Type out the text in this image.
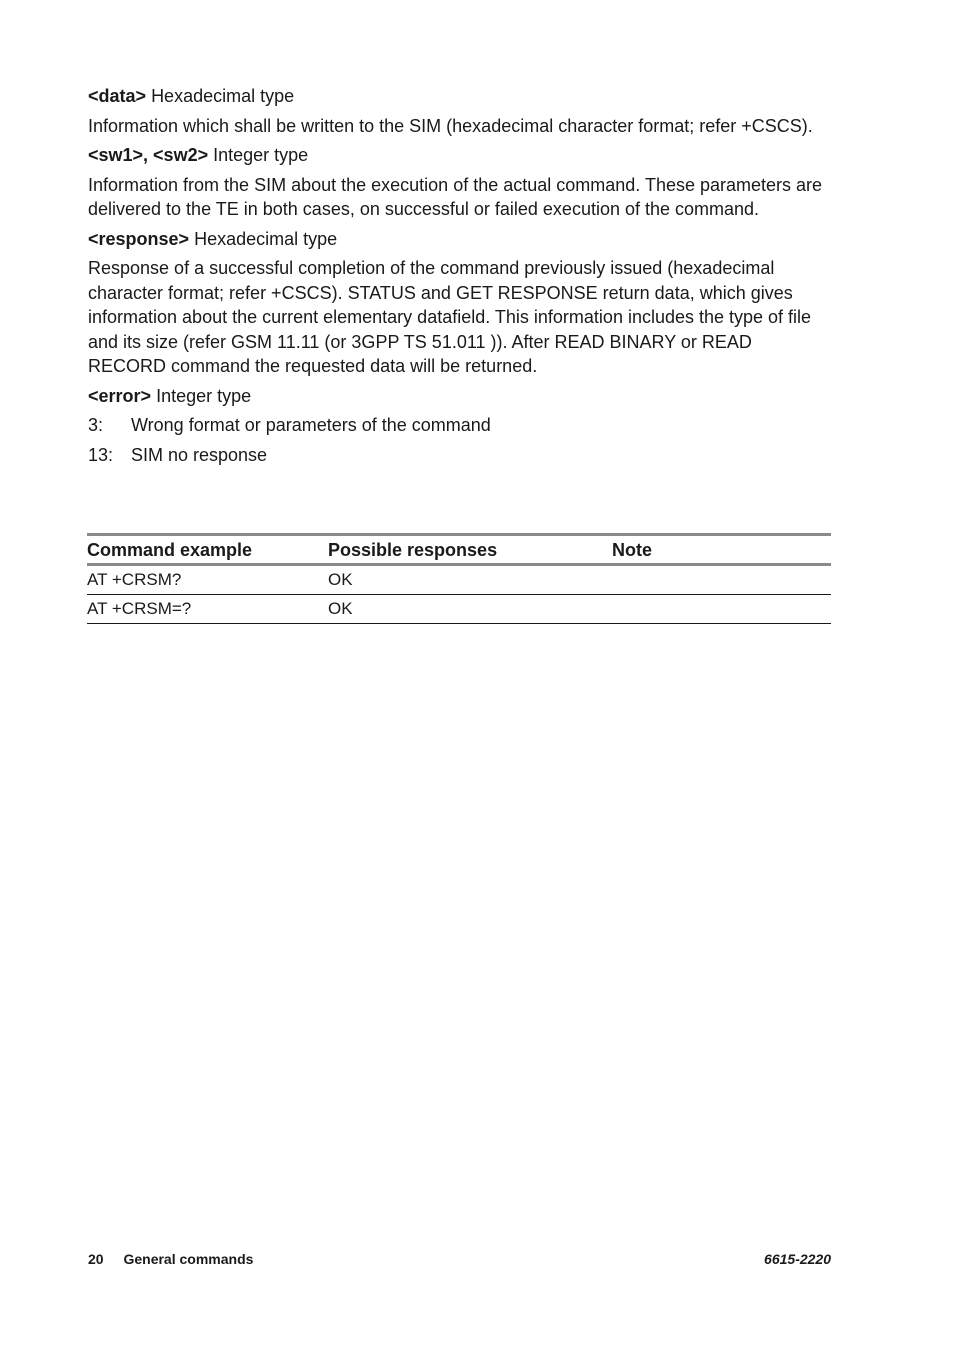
<data> Hexadecimal type
Information which shall be written to the SIM (hexadecimal character format; refer +CSCS).
<sw1>, <sw2> Integer type
Information from the SIM about the execution of the actual command. These parameters are delivered to the TE in both cases, on successful or failed execution of the command.
<response> Hexadecimal type
Response of a successful completion of the command previously issued (hexadecimal character format; refer +CSCS). STATUS and GET RESPONSE return data, which gives information about the current elementary datafield. This information includes the type of file and its size (refer GSM 11.11 (or 3GPP TS 51.011 )). After READ BINARY or READ RECORD command the requested data will be returned.
<error> Integer type
3:	Wrong format or parameters of the command
13: SIM no response
Command example	Possible responses	Note
AT +CRSM?	OK
AT +CRSM=?	OK
20 General commands	6615-2220
